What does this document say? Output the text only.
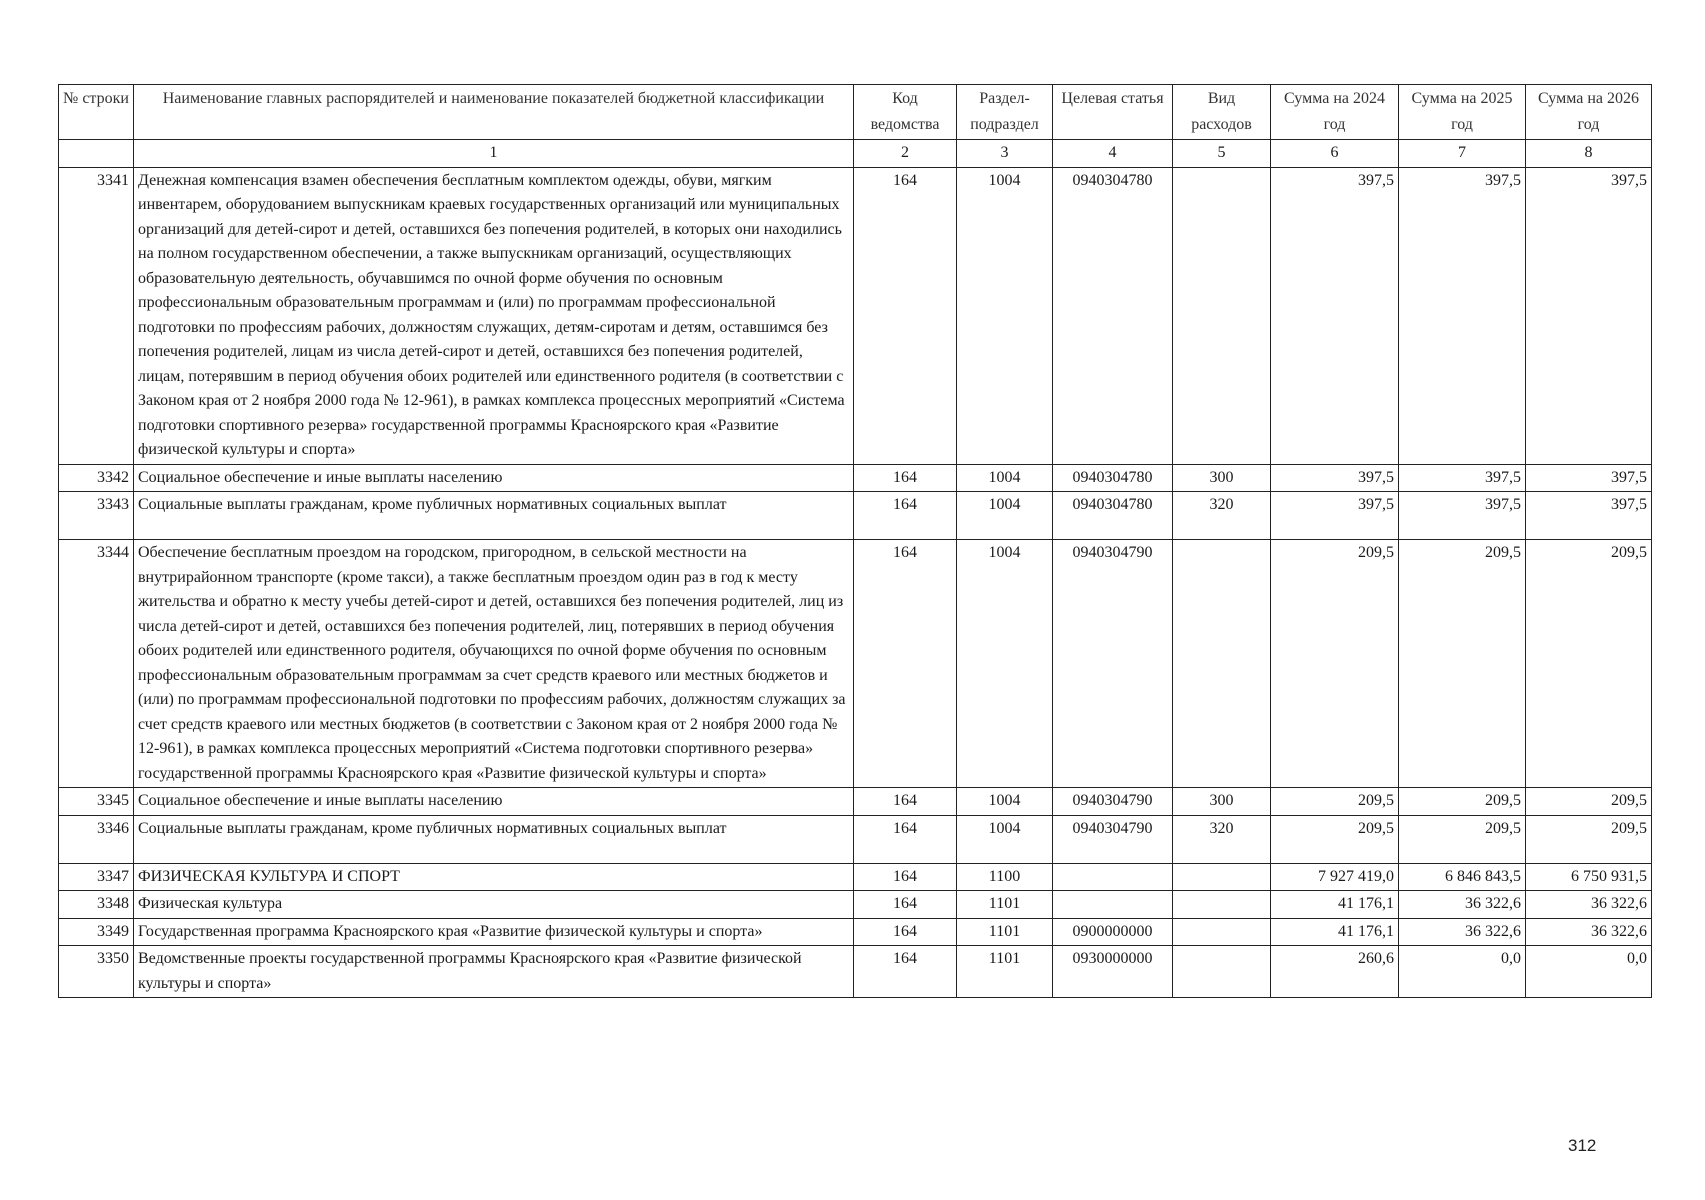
№ строки	Наименование главных распорядителей и наименование показателей бюджетной классификации	Код ведомства	Раздел-подраздел	Целевая статья	Вид расходов	Сумма на 2024 год	Сумма на 2025 год	Сумма на 2026 год
	1	2	3	4	5	6	7	8
3341	Денежная компенсация взамен обеспечения бесплатным комплектом одежды, обуви, мягким инвентарем, оборудованием выпускникам краевых государственных организаций или муниципальных организаций для детей-сирот и детей, оставшихся без попечения родителей, в которых они находились на полном государственном обеспечении, а также выпускникам организаций, осуществляющих образовательную деятельность, обучавшимся по очной форме обучения по основным профессиональным образовательным программам и (или) по программам профессиональной подготовки по профессиям рабочих, должностям служащих, детям-сиротам и детям, оставшимся без попечения родителей, лицам из числа детей-сирот и детей, оставшихся без попечения родителей, лицам, потерявшим в период обучения обоих родителей или единственного родителя (в соответствии с Законом края от 2 ноября 2000 года № 12-961), в рамках комплекса процессных мероприятий «Система подготовки спортивного резерва» государственной программы Красноярского края «Развитие физической культуры и спорта»	164	1004	0940304780		397,5	397,5	397,5
3342	Социальное обеспечение и иные выплаты населению	164	1004	0940304780	300	397,5	397,5	397,5
3343	Социальные выплаты гражданам, кроме публичных нормативных социальных выплат	164	1004	0940304780	320	397,5	397,5	397,5
3344	Обеспечение бесплатным проездом на городском, пригородном, в сельской местности на внутрирайонном транспорте (кроме такси), а также бесплатным проездом один раз в год к месту жительства и обратно к месту учебы детей-сирот и детей, оставшихся без попечения родителей, лиц из числа детей-сирот и детей, оставшихся без попечения родителей, лиц, потерявших в период обучения обоих родителей или единственного родителя, обучающихся по очной форме обучения по основным профессиональным образовательным программам за счет средств краевого или местных бюджетов и (или) по программам профессиональной подготовки по профессиям рабочих, должностям служащих за счет средств краевого или местных бюджетов (в соответствии с Законом края от 2 ноября 2000 года № 12-961), в рамках комплекса процессных мероприятий «Система подготовки спортивного резерва» государственной программы Красноярского края «Развитие физической культуры и спорта»	164	1004	0940304790		209,5	209,5	209,5
3345	Социальное обеспечение и иные выплаты населению	164	1004	0940304790	300	209,5	209,5	209,5
3346	Социальные выплаты гражданам, кроме публичных нормативных социальных выплат	164	1004	0940304790	320	209,5	209,5	209,5
3347	ФИЗИЧЕСКАЯ КУЛЬТУРА И СПОРТ	164	1100			7 927 419,0	6 846 843,5	6 750 931,5
3348	Физическая культура	164	1101			41 176,1	36 322,6	36 322,6
3349	Государственная программа Красноярского края «Развитие физической культуры и спорта»	164	1101	0900000000		41 176,1	36 322,6	36 322,6
3350	Ведомственные проекты государственной программы Красноярского края «Развитие физической культуры и спорта»	164	1101	0930000000		260,6	0,0	0,0
312
